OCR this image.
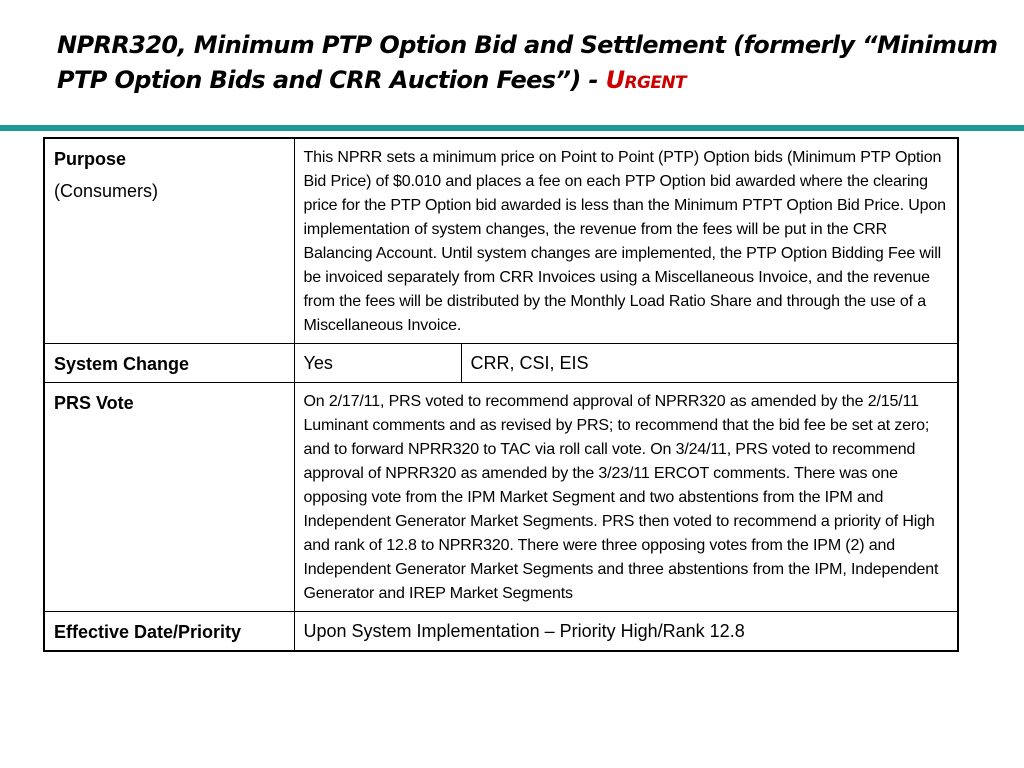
NPRR320, Minimum PTP Option Bid and Settlement (formerly “Minimum PTP Option Bids and CRR Auction Fees”) - Urgent
Purpose
(Consumers)	This NPRR sets a minimum price on Point to Point (PTP) Option bids (Minimum PTP Option Bid Price) of $0.010 and places a fee on each PTP Option bid awarded where the clearing price for the PTP Option bid awarded is less than the Minimum PTPT Option Bid Price. Upon implementation of system changes, the revenue from the fees will be put in the CRR Balancing Account. Until system changes are implemented, the PTP Option Bidding Fee will be invoiced separately from CRR Invoices using a Miscellaneous Invoice, and the revenue from the fees will be distributed by the Monthly Load Ratio Share and through the use of a Miscellaneous Invoice.	

System Change	Yes	CRR, CSI, EIS

PRS Vote	On 2/17/11, PRS voted to recommend approval of NPRR320 as amended by the 2/15/11 Luminant comments and as revised by PRS; to recommend that the bid fee be set at zero; and to forward NPRR320 to TAC via roll call vote. On 3/24/11, PRS voted to recommend approval of NPRR320 as amended by the 3/23/11 ERCOT comments. There was one opposing vote from the IPM Market Segment and two abstentions from the IPM and Independent Generator Market Segments. PRS then voted to recommend a priority of High and rank of 12.8 to NPRR320. There were three opposing votes from the IPM (2) and Independent Generator Market Segments and three abstentions from the IPM, Independent Generator and IREP Market Segments	

Effective Date/Priority	Upon System Implementation – Priority High/Rank 12.8	
